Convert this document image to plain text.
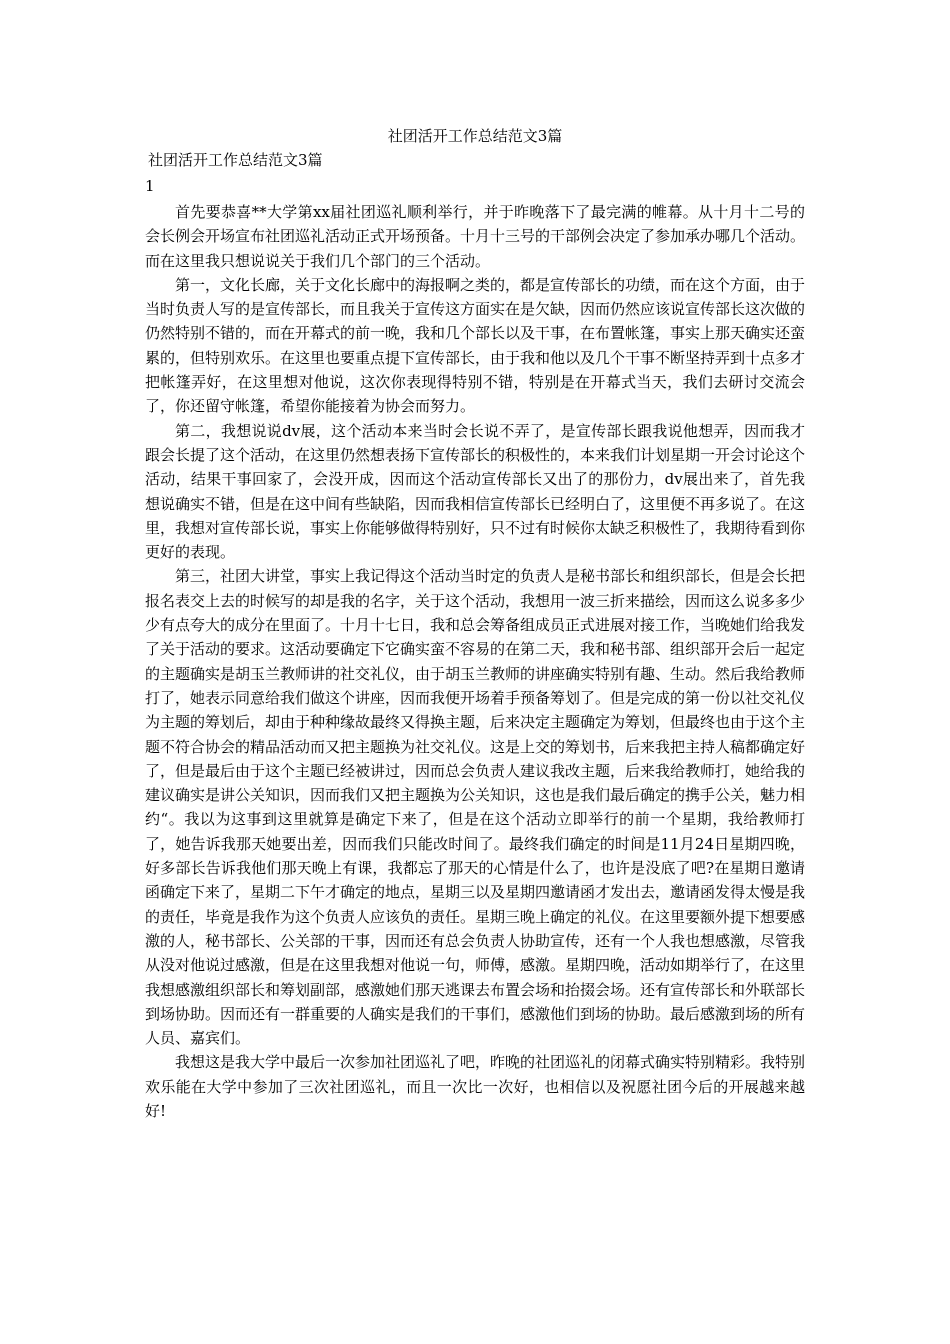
社团活开工作总结范文3篇
社团活开工作总结范文3篇
1

首先要恭喜**大学第xx届社团巡礼顺利举行，并于昨晚落下了最完满的帷幕。从十月十二号的会长例会开场宣布社团巡礼活动正式开场预备。十月十三号的干部例会决定了参加承办哪几个活动。而在这里我只想说说关于我们几个部门的三个活动。

第一，文化长廊，关于文化长廊中的海报啊之类的，都是宣传部长的功绩，而在这个方面，由于当时负责人写的是宣传部长，而且我关于宣传这方面实在是欠缺，因而仍然应该说宣传部长这次做的仍然特别不错的，而在开幕式的前一晚，我和几个部长以及干事，在布置帐篷，事实上那天确实还蛮累的，但特别欢乐。在这里也要重点提下宣传部长，由于我和他以及几个干事不断坚持弄到十点多才把帐篷弄好，在这里想对他说，这次你表现得特别不错，特别是在开幕式当天，我们去研讨交流会了，你还留守帐篷，希望你能接着为协会而努力。

第二，我想说说dv展，这个活动本来当时会长说不弄了，是宣传部长跟我说他想弄，因而我才跟会长提了这个活动，在这里仍然想表扬下宣传部长的积极性的，本来我们计划星期一开会讨论这个活动，结果干事回家了，会没开成，因而这个活动宣传部长又出了的那份力，dv展出来了，首先我想说确实不错，但是在这中间有些缺陷，因而我相信宣传部长已经明白了，这里便不再多说了。在这里，我想对宣传部长说，事实上你能够做得特别好，只不过有时候你太缺乏积极性了，我期待看到你更好的表现。

第三，社团大讲堂，事实上我记得这个活动当时定的负责人是秘书部长和组织部长，但是会长把报名表交上去的时候写的却是我的名字，关于这个活动，我想用一波三折来描绘，因而这么说多多少少有点夸大的成分在里面了。十月十七日，我和总会筹备组成员正式进展对接工作，当晚她们给我发了关于活动的要求。这活动要确定下它确实蛮不容易的在第二天，我和秘书部、组织部开会后一起定的主题确实是胡玉兰教师讲的社交礼仪，由于胡玉兰教师的讲座确实特别有趣、生动。然后我给教师打了，她表示同意给我们做这个讲座，因而我便开场着手预备筹划了。但是完成的第一份以社交礼仪为主题的筹划后，却由于种种缘故最终又得换主题，后来决定主题确定为筹划，但最终也由于这个主题不符合协会的精品活动而又把主题换为社交礼仪。这是上交的筹划书，后来我把主持人稿都确定好了，但是最后由于这个主题已经被讲过，因而总会负责人建议我改主题，后来我给教师打，她给我的建议确实是讲公关知识，因而我们又把主题换为公关知识，这也是我们最后确定的携手公关，魅力相约“。我以为这事到这里就算是确定下来了，但是在这个活动立即举行的前一个星期，我给教师打了，她告诉我那天她要出差，因而我们只能改时间了。最终我们确定的时间是11月24日星期四晚，好多部长告诉我他们那天晚上有课，我都忘了那天的心情是什么了，也许是没底了吧?在星期日邀请函确定下来了，星期二下午才确定的地点，星期三以及星期四邀请函才发出去，邀请函发得太慢是我的责任，毕竟是我作为这个负责人应该负的责任。星期三晚上确定的礼仪。在这里要额外提下想要感激的人，秘书部长、公关部的干事，因而还有总会负责人协助宣传，还有一个人我也想感激，尽管我从没对他说过感激，但是在这里我想对他说一句，师傅，感激。星期四晚，活动如期举行了，在这里我想感激组织部长和筹划副部，感激她们那天逃课去布置会场和抬掇会场。还有宣传部长和外联部长到场协助。因而还有一群重要的人确实是我们的干事们，感激他们到场的协助。最后感激到场的所有人员、嘉宾们。

我想这是我大学中最后一次参加社团巡礼了吧，昨晚的社团巡礼的闭幕式确实特别精彩。我特别欢乐能在大学中参加了三次社团巡礼，而且一次比一次好，也相信以及祝愿社团今后的开展越来越好!
